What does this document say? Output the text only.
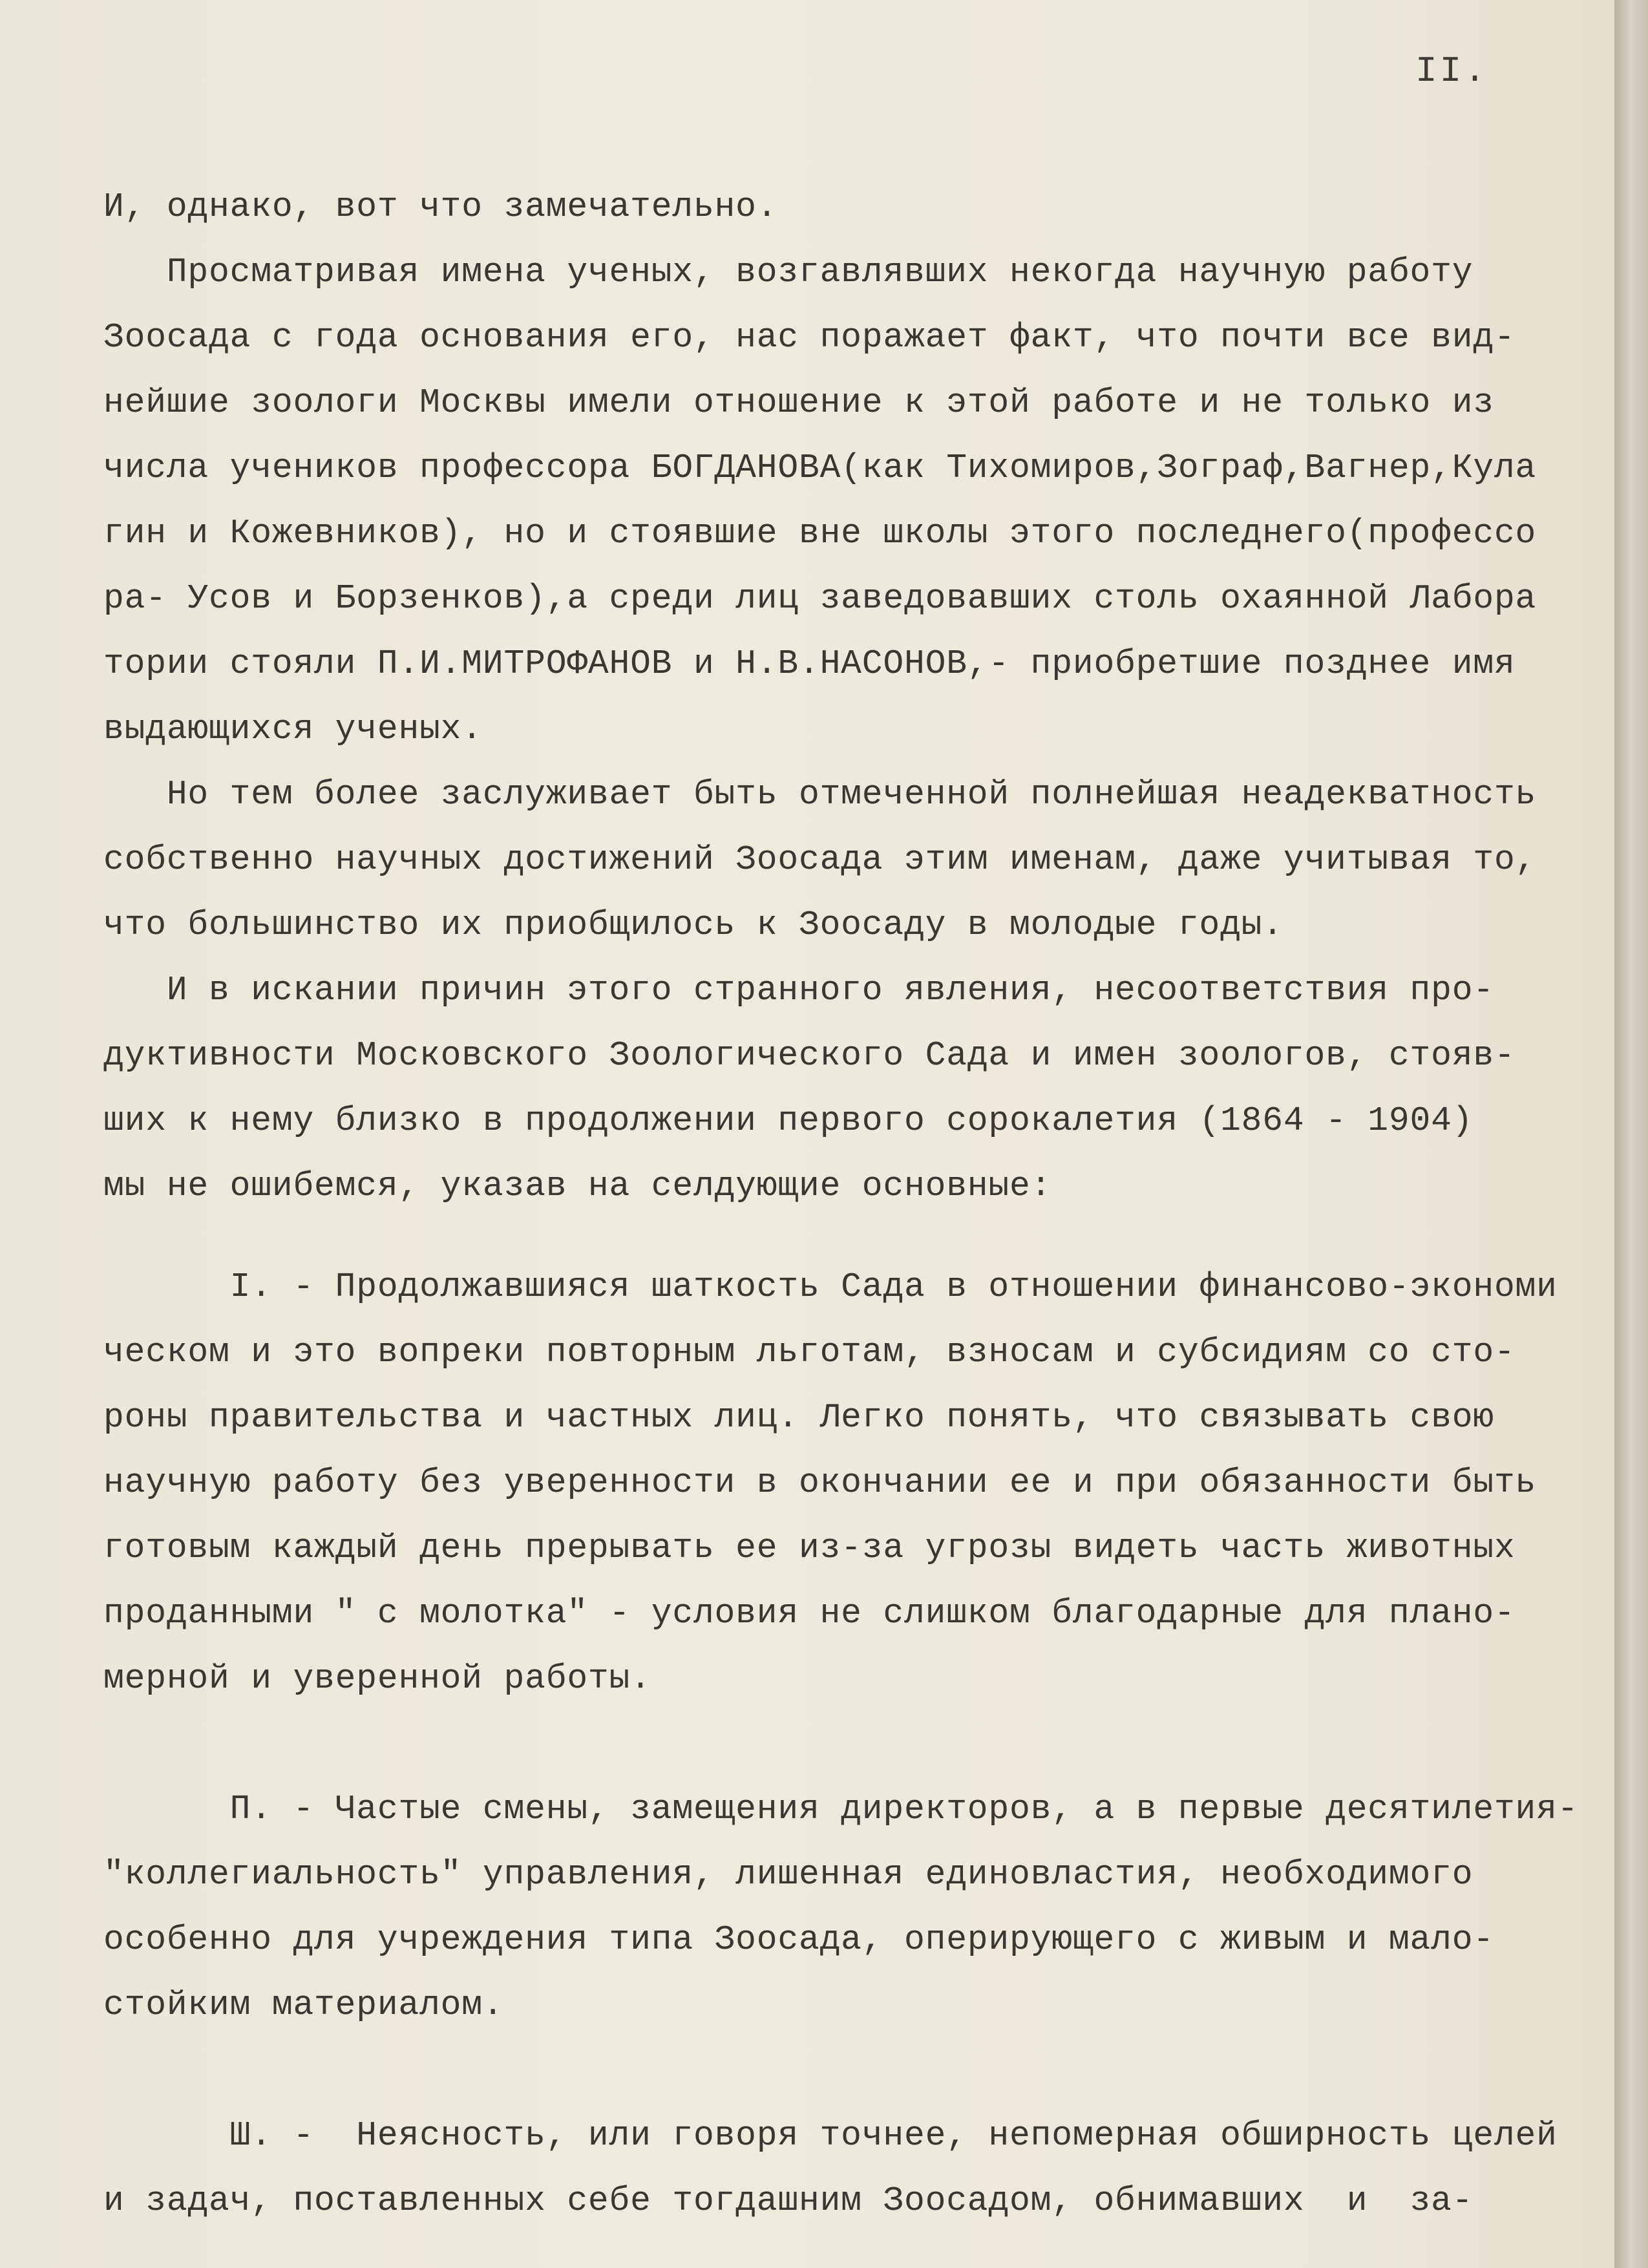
II.
И, однако, вот что замечательно.
Просматривая имена ученых, возгавлявших некогда научную работу
Зоосада с года основания его, нас поражает факт, что почти все вид-
нейшие зоологи Москвы имели отношение к этой работе и не только из
числа учеников профессора БОГДАНОВА(как Тихомиров,Зограф,Вагнер,Кула
гин и Кожевников), но и стоявшие вне школы этого последнего(профессо
ра- Усов и Борзенков),а среди лиц заведовавших столь охаянной Лабора
тории стояли П.И.МИТРОФАНОВ и Н.В.НАСОНОВ,- приобретшие позднее имя
выдающихся ученых.
Но тем более заслуживает быть отмеченной полнейшая неадекватность
собственно научных достижений Зоосада этим именам, даже учитывая то,
что большинство их приобщилось к Зоосаду в молодые годы.
И в искании причин этого странного явления, несоответствия про-
дуктивности Московского Зоологического Сада и имен зоологов, стояв-
ших к нему близко в продолжении первого сорокалетия (1864 - 1904)
мы не ошибемся, указав на селдующие основные:
I. - Продолжавшияся шаткость Сада в отношении финансово-экономи
ческом и это вопреки повторным льготам, взносам и субсидиям со сто-
роны правительства и частных лиц. Легко понять, что связывать свою
научную работу без уверенности в окончании ее и при обязанности быть
готовым каждый день прерывать ее из-за угрозы видеть часть животных
проданными " с молотка" - условия не слишком благодарные для плано-
мерной и уверенной работы.
П. - Частые смены, замещения директоров, а в первые десятилетия-
"коллегиальность" управления, лишенная единовластия, необходимого
особенно для учреждения типа Зоосада, оперирующего с живым и мало-
стойким материалом.
Ш. -  Неясность, или говоря точнее, непомерная обширность целей
и задач, поставленных себе тогдашним Зоосадом, обнимавших  и  за-
